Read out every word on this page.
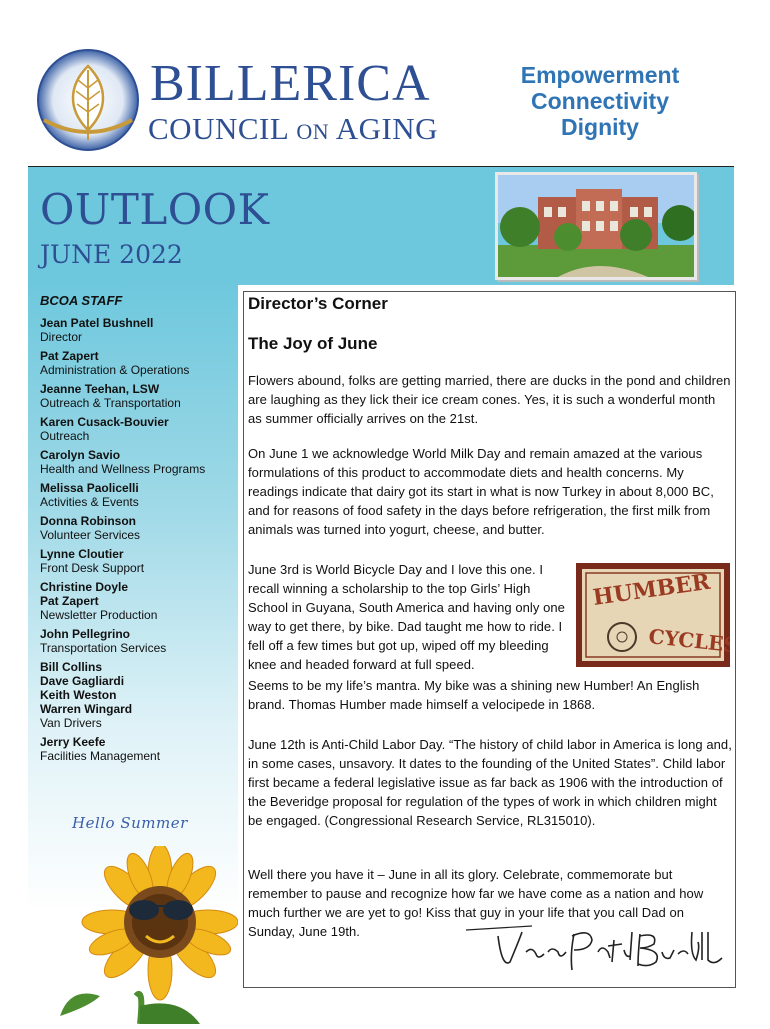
BILLERICA
COUNCIL ON AGING
Empowerment
Connectivity
Dignity
OUTLOOK
JUNE 2022
BCOA STAFF
Jean Patel Bushnell
Director
Pat Zapert
Administration & Operations
Jeanne Teehan, LSW
Outreach & Transportation
Karen Cusack-Bouvier
Outreach
Carolyn Savio
Health and Wellness Programs
Melissa Paolicelli
Activities & Events
Donna Robinson
Volunteer Services
Lynne Cloutier
Front Desk Support
Christine Doyle
Pat Zapert
Newsletter Production
John Pellegrino
Transportation Services
Bill Collins
Dave Gagliardi
Keith Weston
Warren Wingard
Van Drivers
Jerry Keefe
Facilities Management
Hello Summer
Director’s Corner
The Joy of June
Flowers abound, folks are getting married, there are ducks in the pond and children are laughing as they lick their ice cream cones. Yes, it is such a wonderful month as summer officially arrives on the 21st.
On June 1 we acknowledge World Milk Day and remain amazed at the various formulations of this product to accommodate diets and health concerns. My readings indicate that dairy got its start in what is now Turkey in about 8,000 BC, and for reasons of food safety in the days before refrigeration, the first milk from animals was turned into yogurt, cheese, and butter.
June 3rd is World Bicycle Day and I love this one. I recall winning a scholarship to the top Girls’ High School in Guyana, South America and having only one way to get there, by bike. Dad taught me how to ride. I fell off a few times but got up, wiped off my bleeding knee and headed forward at full speed.
Seems to be my life’s mantra. My bike was a shining new Humber! An English brand. Thomas Humber made himself a velocipede in 1868.
HUMBER
CYCLES
June 12th is Anti-Child Labor Day. “The history of child labor in America is long and, in some cases, unsavory. It dates to the founding of the United States”. Child labor first became a federal legislative issue as far back as 1906 with the introduction of the Beveridge proposal for regulation of the types of work in which children might be engaged. (Congressional Research Service, RL315010).
Well there you have it – June in all its glory. Celebrate, commemorate but remember to pause and recognize how far we have come as a nation and how much further we are yet to go! Kiss that guy in your life that you call Dad on Sunday, June 19th.
